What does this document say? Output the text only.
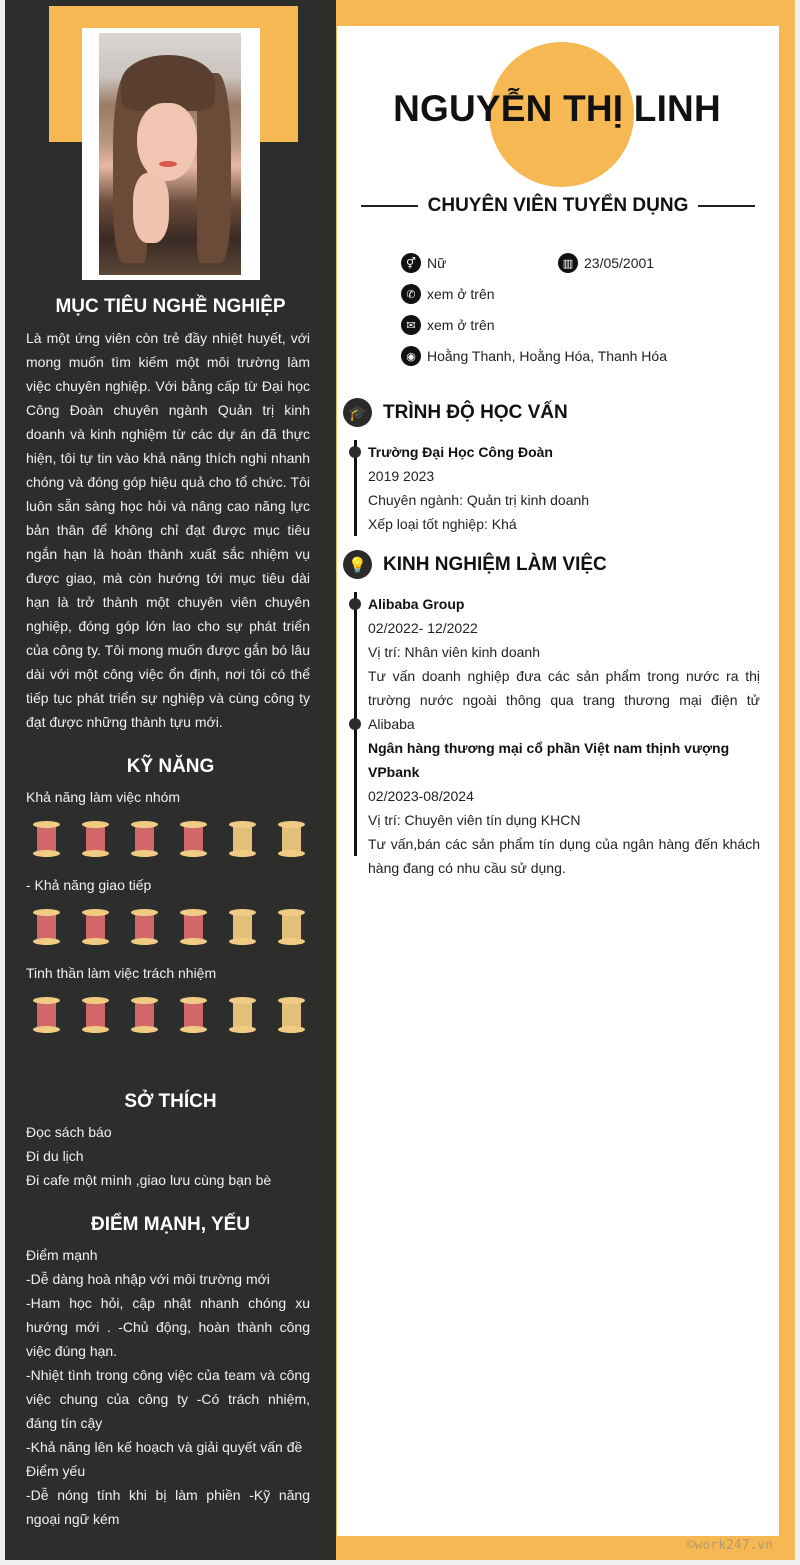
MỤC TIÊU NGHỀ NGHIỆP
Là một ứng viên còn trẻ đầy nhiệt huyết, với mong muốn tìm kiếm một môi trường làm việc chuyên nghiệp. Với bằng cấp từ Đại học Công Đoàn chuyên ngành Quản trị kinh doanh và kinh nghiệm từ các dự án đã thực hiện, tôi tự tin vào khả năng thích nghi nhanh chóng và đóng góp hiệu quả cho tổ chức. Tôi luôn sẵn sàng học hỏi và nâng cao năng lực bản thân để không chỉ đạt được mục tiêu ngắn hạn là hoàn thành xuất sắc nhiệm vụ được giao, mà còn hướng tới mục tiêu dài hạn là trở thành một chuyên viên chuyên nghiệp, đóng góp lớn lao cho sự phát triển của công ty. Tôi mong muốn được gắn bó lâu dài với một công việc ổn định, nơi tôi có thể tiếp tục phát triển sự nghiệp và cùng công ty đạt được những thành tựu mới.
KỸ NĂNG
Khả năng làm việc nhóm
- Khả năng giao tiếp
Tinh thần làm việc trách nhiệm
SỞ THÍCH
Đọc sách báo
Đi du lịch
Đi cafe một mình ,giao lưu cùng bạn bè
ĐIỂM MẠNH, YẾU
Điểm mạnh
-Dễ dàng hoà nhập với môi trường mới
-Ham học hỏi, cập nhật nhanh chóng xu hướng mới . -Chủ động, hoàn thành công việc đúng hạn.
-Nhiệt tình trong công việc của team và công việc chung của công ty -Có trách nhiệm, đáng tín cậy
-Khả năng lên kế hoạch và giải quyết vấn đề
Điểm yếu
-Dễ nóng tính khi bị làm phiền -Kỹ năng ngoại ngữ kém
NGUYỄN THỊ LINH
CHUYÊN VIÊN TUYỂN DỤNG
⚥ Nữ	▥ 23/05/2001
✆ xem ở trên
✉ xem ở trên
◉ Hoằng Thanh, Hoằng Hóa, Thanh Hóa
🎓 TRÌNH ĐỘ HỌC VẤN
Trường Đại Học Công Đoàn
2019 2023
Chuyên ngành: Quản trị kinh doanh
Xếp loại tốt nghiệp: Khá
💡 KINH NGHIỆM LÀM VIỆC
Alibaba Group
02/2022- 12/2022
Vị trí: Nhân viên kinh doanh
Tư vấn doanh nghiệp đưa các sản phẩm trong nước ra thị trường nước ngoài thông qua trang thương mại điện tử Alibaba
Ngân hàng thương mại cổ phần Việt nam thịnh vượng VPbank
02/2023-08/2024
Vị trí: Chuyên viên tín dụng KHCN
Tư vấn,bán các sản phẩm tín dụng của ngân hàng đến khách hàng đang có nhu cầu sử dụng.
©work247.vn
